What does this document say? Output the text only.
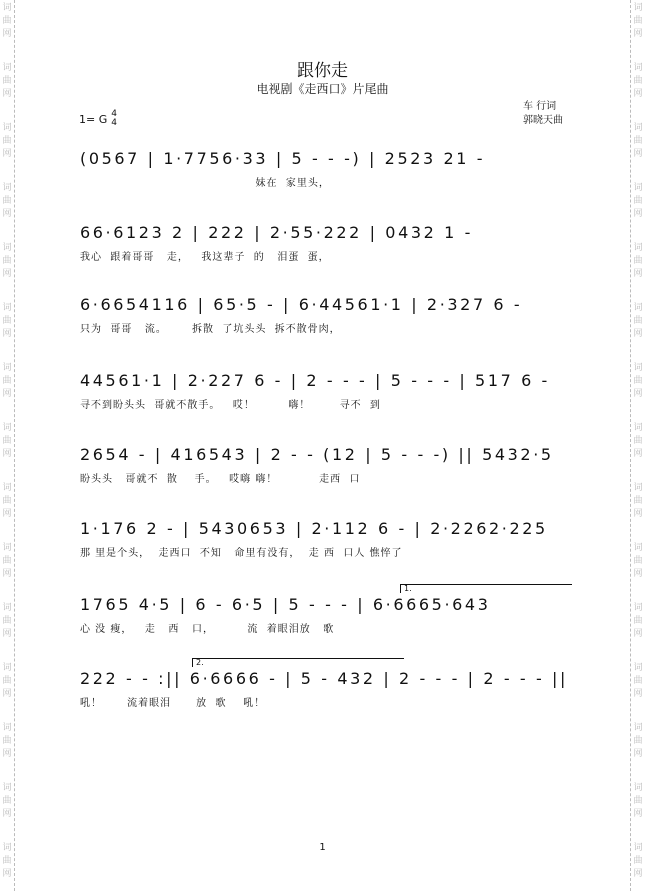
词
曲
网
词
曲
网
词
曲
网
词
曲
网
词
曲
网
词
曲
网
词
曲
网
词
曲
网
词
曲
网
词
曲
网
词
曲
网
词
曲
网
词
曲
网
词
曲
网
词
曲
网
词
曲
网
词
曲
网
词
曲
网
词
曲
网
词
曲
网
词
曲
网
词
曲
网
词
曲
网
词
曲
网
词
曲
网
词
曲
网
词
曲
网
词
曲
网
词
曲
网
词
曲
网
跟你走
电视剧《走西口》片尾曲
1= G 4
4
车 行词
郭晓天曲
(0567 | 1·7756·33 | 5 - - -) | 2523 21 -
妹在  家里头，
66·6123 2 | 222 | 2·55·222 | 0432 1 -
我心  跟着哥哥   走，   我这辈子  的   泪蛋  蛋，
6·6654116 | 65·5 - | 6·44561·1 | 2·327 6 -
只为  哥哥   流。      拆散  了坑头头  拆不散骨肉，
44561·1 | 2·227 6 - | 2 - - - | 5 - - - | 517 6 -
寻不到盼头头  哥就不散手。   哎！        嗨！       寻不  到
2654 - | 416543 | 2 - - (12 | 5 - - -) || 5432·5
盼头头   哥就不  散    手。   哎嗨 嗨！          走西  口
1·176 2 - | 5430653 | 2·112 6 - | 2·2262·225
那 里是个头，  走西口  不知   命里有没有，  走 西  口人 憔悴了
1.
1765 4·5 | 6 - 6·5 | 5 - - - | 6·6665·643
心 没 瘦，   走   西   口，        流  着眼泪放   歌
2.
222 - - :|| 6·6666 - | 5 - 432 | 2 - - - | 2 - - - ||
吼！      流着眼泪      放  歌    吼！
1
